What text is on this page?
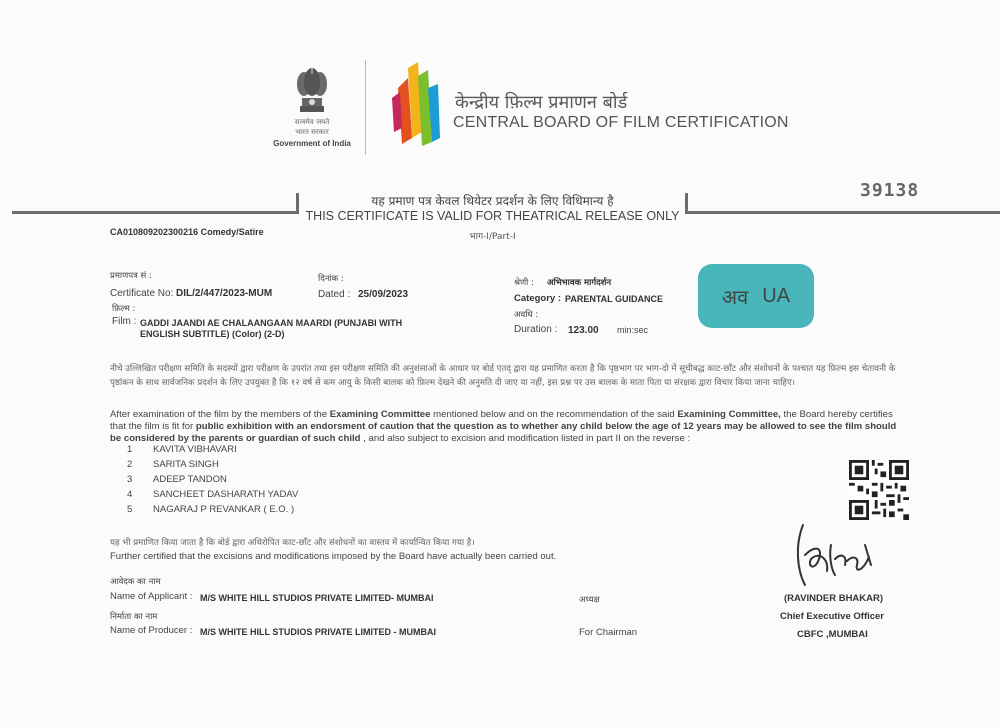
सत्यमेव जयते
भारत सरकार
Government of India
केन्द्रीय फ़िल्म प्रमाणन बोर्ड
CENTRAL BOARD OF FILM CERTIFICATION
यह प्रमाण पत्र केवल थियेटर प्रदर्शन के लिए विधिमान्य है
THIS CERTIFICATE IS VALID FOR THEATRICAL RELEASE ONLY
भाग-I/Part-I
39138
CA010809202300216 Comedy/Satire
प्रमाणपत्र सं :
Certificate No: DIL/2/447/2023-MUM
दिनांक :
Dated : 25/09/2023
फ़िल्म :
Film : GADDI JAANDI AE CHALAANGAAN MAARDI (PUNJABI WITH
ENGLISH SUBTITLE) (Color) (2-D)
श्रेणी : अभिभावक मार्गदर्शन
Category : PARENTAL GUIDANCE
अवधि :
Duration : 123.00 min:sec
अव UA
नीचे उल्लिखित परीक्षण समिति के सदस्यों द्वारा परीक्षण के उपरांत तथा इस परीक्षण समिति की अनुशंसाओं के आधार पर बोर्ड एतद् द्वारा यह प्रमाणित करता है कि पृष्ठभाग पर भाग-दो में सूचीबद्ध काट-छाँट और संशोधनों के पश्चात यह फ़िल्म इस चेतावनी के पृष्ठांकन के साथ सार्वजनिक प्रदर्शन के लिए उपयुक्त है कि १२ वर्ष से कम आयु के किसी बालक को फ़िल्म देखने की अनुमति दी जाए या नहीं, इस प्रश्न पर उस बालक के माता पिता या संरक्षक द्वारा विचार किया जाना चाहिए।
After examination of the film by the members of the Examining Committee mentioned below and on the recommendation of the said Examining Committee, the Board hereby certifies that the film is fit for public exhibition with an endorsment of caution that the question as to whether any child below the age of 12 years may be allowed to see the film should be considered by the parents or guardian of such child , and also subject to excision and modification listed in part II on the reverse :
1 KAVITA VIBHAVARI
2 SARITA SINGH
3 ADEEP TANDON
4 SANCHEET DASHARATH YADAV
5 NAGARAJ P REVANKAR ( E.O. )
यह भी प्रमाणित किया जाता है कि बोर्ड द्वारा अधिरोपित काट-छाँट और संशोधनों का वास्तव में कार्यान्वित किया गया है।
Further certified that the excisions and modifications imposed by the Board have actually been carried out.
आवेदक का नाम
Name of Applicant : M/S WHITE HILL STUDIOS PRIVATE LIMITED- MUMBAI
निर्माता का नाम
Name of Producer : M/S WHITE HILL STUDIOS PRIVATE LIMITED - MUMBAI
अध्यक्ष
For Chairman
(RAVINDER BHAKAR)
Chief Executive Officer
CBFC ,MUMBAI
